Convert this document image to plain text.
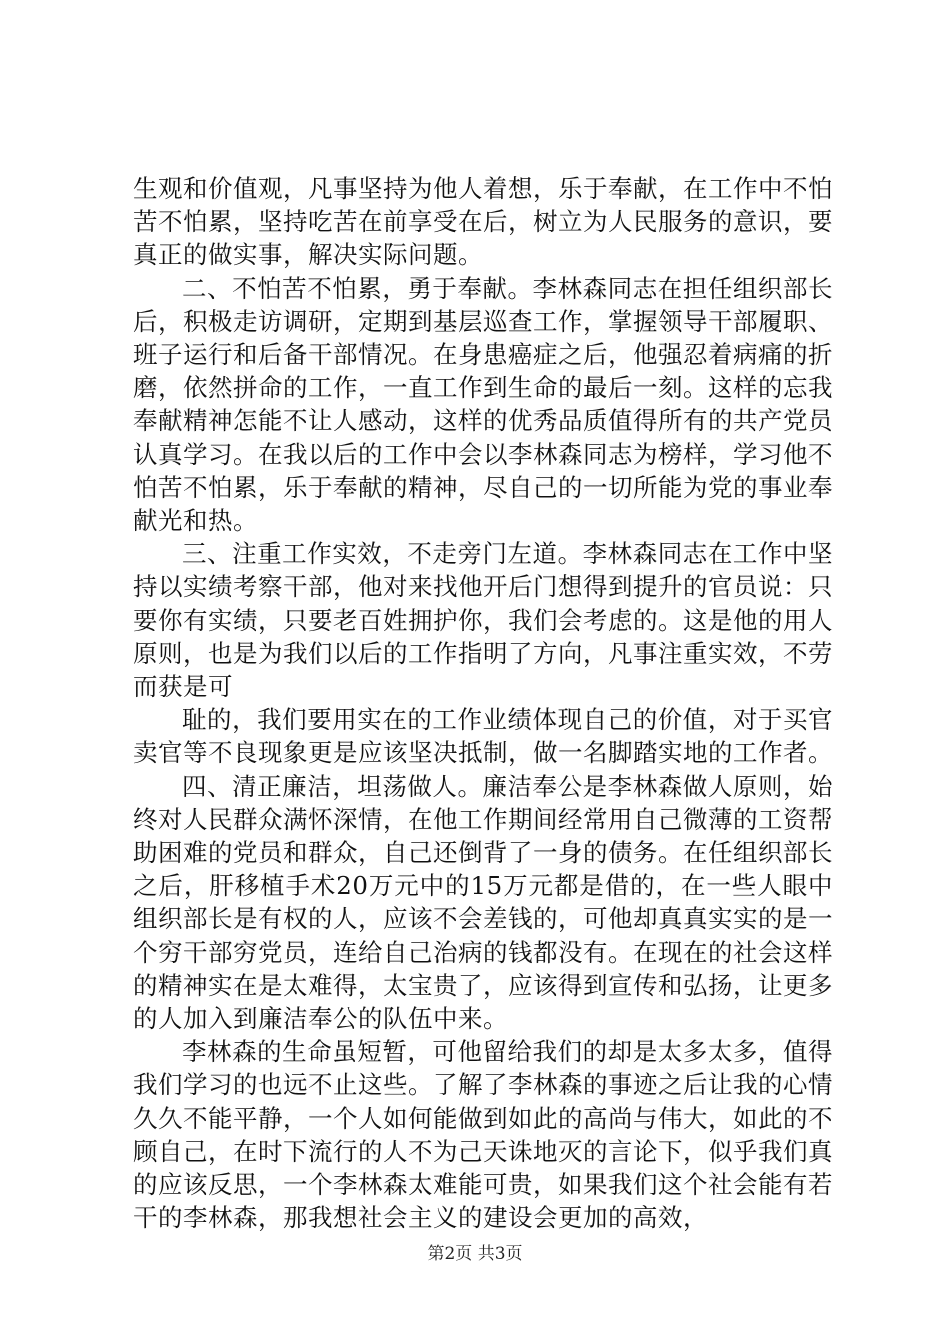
生观和价值观，凡事坚持为他人着想，乐于奉献，在工作中不怕苦不怕累，坚持吃苦在前享受在后，树立为人民服务的意识，要真正的做实事，解决实际问题。

二、不怕苦不怕累，勇于奉献。李林森同志在担任组织部长后，积极走访调研，定期到基层巡查工作，掌握领导干部履职、班子运行和后备干部情况。在身患癌症之后，他强忍着病痛的折磨，依然拼命的工作，一直工作到生命的最后一刻。这样的忘我奉献精神怎能不让人感动，这样的优秀品质值得所有的共产党员认真学习。在我以后的工作中会以李林森同志为榜样，学习他不怕苦不怕累，乐于奉献的精神，尽自己的一切所能为党的事业奉献光和热。

三、注重工作实效，不走旁门左道。李林森同志在工作中坚持以实绩考察干部，他对来找他开后门想得到提升的官员说：只要你有实绩，只要老百姓拥护你，我们会考虑的。这是他的用人原则，也是为我们以后的工作指明了方向，凡事注重实效，不劳而获是可

耻的，我们要用实在的工作业绩体现自己的价值，对于买官卖官等不良现象更是应该坚决抵制，做一名脚踏实地的工作者。

四、清正廉洁，坦荡做人。廉洁奉公是李林森做人原则，始终对人民群众满怀深情，在他工作期间经常用自己微薄的工资帮助困难的党员和群众，自己还倒背了一身的债务。在任组织部长之后，肝移植手术20万元中的15万元都是借的，在一些人眼中组织部长是有权的人，应该不会差钱的，可他却真真实实的是一个穷干部穷党员，连给自己治病的钱都没有。在现在的社会这样的精神实在是太难得，太宝贵了，应该得到宣传和弘扬，让更多的人加入到廉洁奉公的队伍中来。

李林森的生命虽短暂，可他留给我们的却是太多太多，值得我们学习的也远不止这些。了解了李林森的事迹之后让我的心情久久不能平静，一个人如何能做到如此的高尚与伟大，如此的不顾自己，在时下流行的人不为己天诛地灭的言论下，似乎我们真的应该反思，一个李林森太难能可贵，如果我们这个社会能有若干的李林森，那我想社会主义的建设会更加的高效，

第2页 共3页
